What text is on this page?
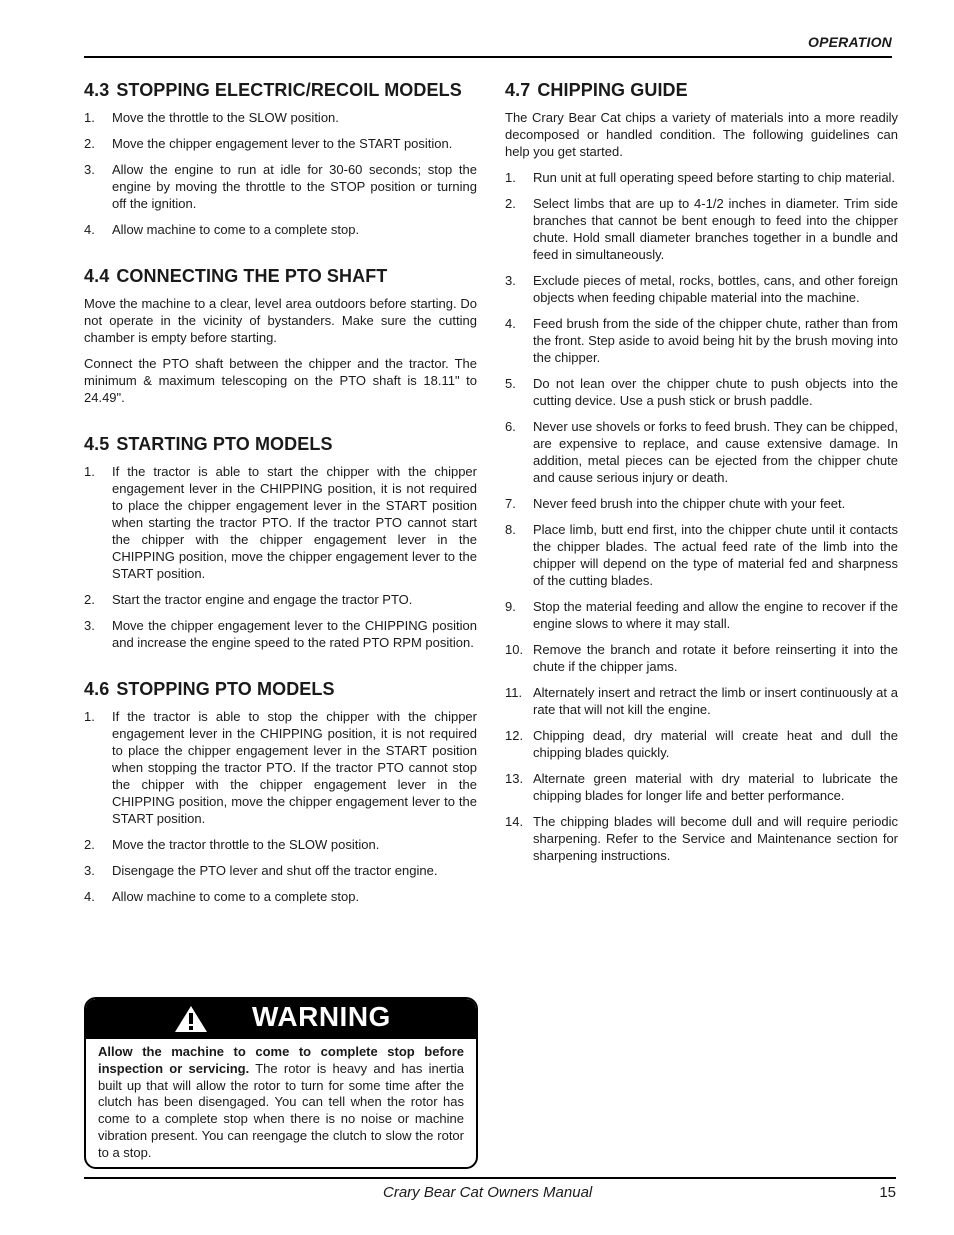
OPERATION
4.3 STOPPING ELECTRIC/RECOIL MODELS
1. Move the throttle to the SLOW position.
2. Move the chipper engagement lever to the START position.
3. Allow the engine to run at idle for 30-60 seconds; stop the engine by moving the throttle to the STOP position or turning off the ignition.
4. Allow machine to come to a complete stop.
4.4 CONNECTING THE PTO SHAFT

Move the machine to a clear, level area outdoors before starting. Do not operate in the vicinity of bystanders. Make sure the cutting chamber is empty before starting.

Connect the PTO shaft between the chipper and the tractor. The minimum & maximum telescoping on the PTO shaft is 18.11" to 24.49".

4.5 STARTING PTO MODELS
1. If the tractor is able to start the chipper with the chipper engagement lever in the CHIPPING position, it is not required to place the chipper engagement lever in the START position when starting the tractor PTO. If the tractor PTO cannot start the chipper with the chipper engagement lever in the CHIPPING position, move the chipper engagement lever to the START position.
2. Start the tractor engine and engage the tractor PTO.
3. Move the chipper engagement lever to the CHIPPING position and increase the engine speed to the rated PTO RPM position.
4.6 STOPPING PTO MODELS
1. If the tractor is able to stop the chipper with the chipper engagement lever in the CHIPPING position, it is not required to place the chipper engagement lever in the START position when stopping the tractor PTO. If the tractor PTO cannot stop the chipper with the chipper engagement lever in the CHIPPING position, move the chipper engagement lever to the START position.
2. Move the tractor throttle to the SLOW position.
3. Disengage the PTO lever and shut off the tractor engine.
4. Allow machine to come to a complete stop.
4.7 CHIPPING GUIDE

The Crary Bear Cat chips a variety of materials into a more readily decomposed or handled condition. The following guidelines can help you get started.

1. Run unit at full operating speed before starting to chip material.
2. Select limbs that are up to 4-1/2 inches in diameter. Trim side branches that cannot be bent enough to feed into the chipper chute. Hold small diameter branches together in a bundle and feed in simultaneously.
3. Exclude pieces of metal, rocks, bottles, cans, and other foreign objects when feeding chipable material into the machine.
4. Feed brush from the side of the chipper chute, rather than from the front. Step aside to avoid being hit by the brush moving into the chipper.
5. Do not lean over the chipper chute to push objects into the cutting device. Use a push stick or brush paddle.
6. Never use shovels or forks to feed brush. They can be chipped, are expensive to replace, and cause extensive damage. In addition, metal pieces can be ejected from the chipper chute and cause serious injury or death.
7. Never feed brush into the chipper chute with your feet.
8. Place limb, butt end first, into the chipper chute until it contacts the chipper blades. The actual feed rate of the limb into the chipper will depend on the type of material fed and sharpness of the cutting blades.
9. Stop the material feeding and allow the engine to recover if the engine slows to where it may stall.
10. Remove the branch and rotate it before reinserting it into the chute if the chipper jams.
11. Alternately insert and retract the limb or insert continuously at a rate that will not kill the engine.
12. Chipping dead, dry material will create heat and dull the chipping blades quickly.
13. Alternate green material with dry material to lubricate the chipping blades for longer life and better performance.
14. The chipping blades will become dull and will require periodic sharpening. Refer to the Service and Maintenance section for sharpening instructions.
WARNING
Allow the machine to come to complete stop before inspection or servicing. The rotor is heavy and has inertia built up that will allow the rotor to turn for some time after the clutch has been disengaged. You can tell when the rotor has come to a complete stop when there is no noise or machine vibration present. You can reengage the clutch to slow the rotor to a stop.
Crary Bear Cat Owners Manual	15
